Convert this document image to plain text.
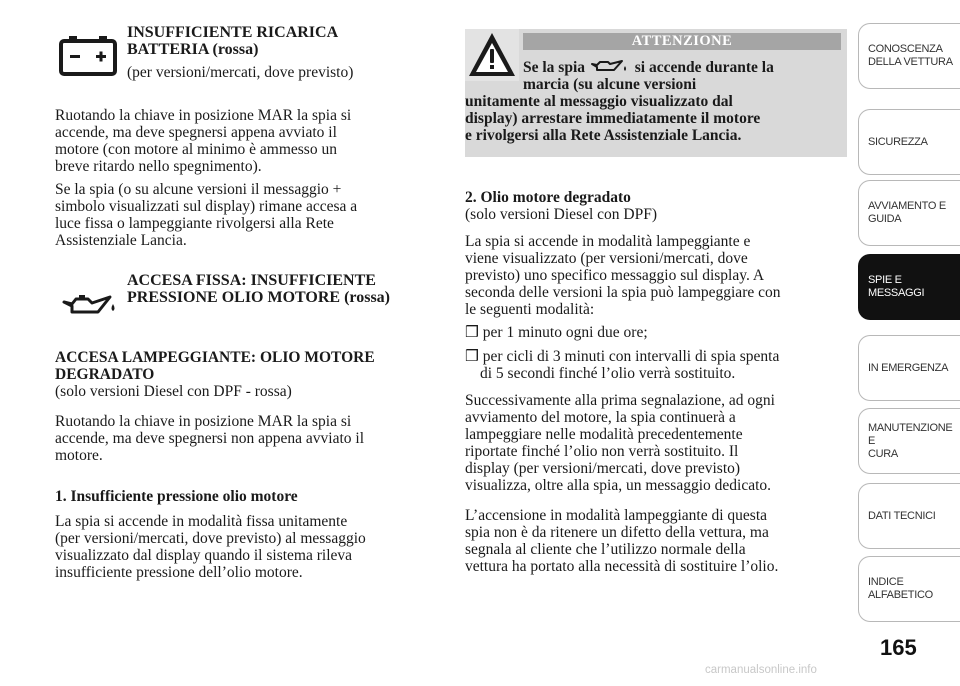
INSUFFICIENTE RICARICA
BATTERIA (rossa)
(per versioni/mercati, dove previsto)
Ruotando la chiave in posizione MAR la spia si
accende, ma deve spegnersi appena avviato il
motore (con motore al minimo è ammesso un
breve ritardo nello spegnimento).
Se la spia (o su alcune versioni il messaggio +
simbolo visualizzati sul display) rimane accesa a
luce fissa o lampeggiante rivolgersi alla Rete
Assistenziale Lancia.
ACCESA FISSA: INSUFFICIENTE
PRESSIONE OLIO MOTORE (rossa)
ACCESA LAMPEGGIANTE: OLIO MOTORE
DEGRADATO
(solo versioni Diesel con DPF - rossa)
Ruotando la chiave in posizione MAR la spia si
accende, ma deve spegnersi non appena avviato il
motore.
1. Insufficiente pressione olio motore
La spia si accende in modalità fissa unitamente
(per versioni/mercati, dove previsto) al messaggio
visualizzato dal display quando il sistema rileva
insufficiente pressione dell’olio motore.
ATTENZIONE
Se la spia	si accende durante la
marcia (su alcune versioni
unitamente al messaggio visualizzato dal
display) arrestare immediatamente il motore
e rivolgersi alla Rete Assistenziale Lancia.
2. Olio motore degradato
(solo versioni Diesel con DPF)
La spia si accende in modalità lampeggiante e
viene visualizzato (per versioni/mercati, dove
previsto) uno specifico messaggio sul display. A
seconda delle versioni la spia può lampeggiare con
le seguenti modalità:
❒ per 1 minuto ogni due ore;
❒ per cicli di 3 minuti con intervalli di spia spenta
di 5 secondi finché l’olio verrà sostituito.
Successivamente alla prima segnalazione, ad ogni
avviamento del motore, la spia continuerà a
lampeggiare nelle modalità precedentemente
riportate finché l’olio non verrà sostituito. Il
display (per versioni/mercati, dove previsto)
visualizza, oltre alla spia, un messaggio dedicato.
L’accensione in modalità lampeggiante di questa
spia non è da ritenere un difetto della vettura, ma
segnala al cliente che l’utilizzo normale della
vettura ha portato alla necessità di sostituire l’olio.
CONOSCENZA
DELLA VETTURA
SICUREZZA
AVVIAMENTO E
GUIDA
SPIE E MESSAGGI
IN EMERGENZA
MANUTENZIONE E
CURA
DATI TECNICI
INDICE
ALFABETICO
165
carmanualsonline.info
